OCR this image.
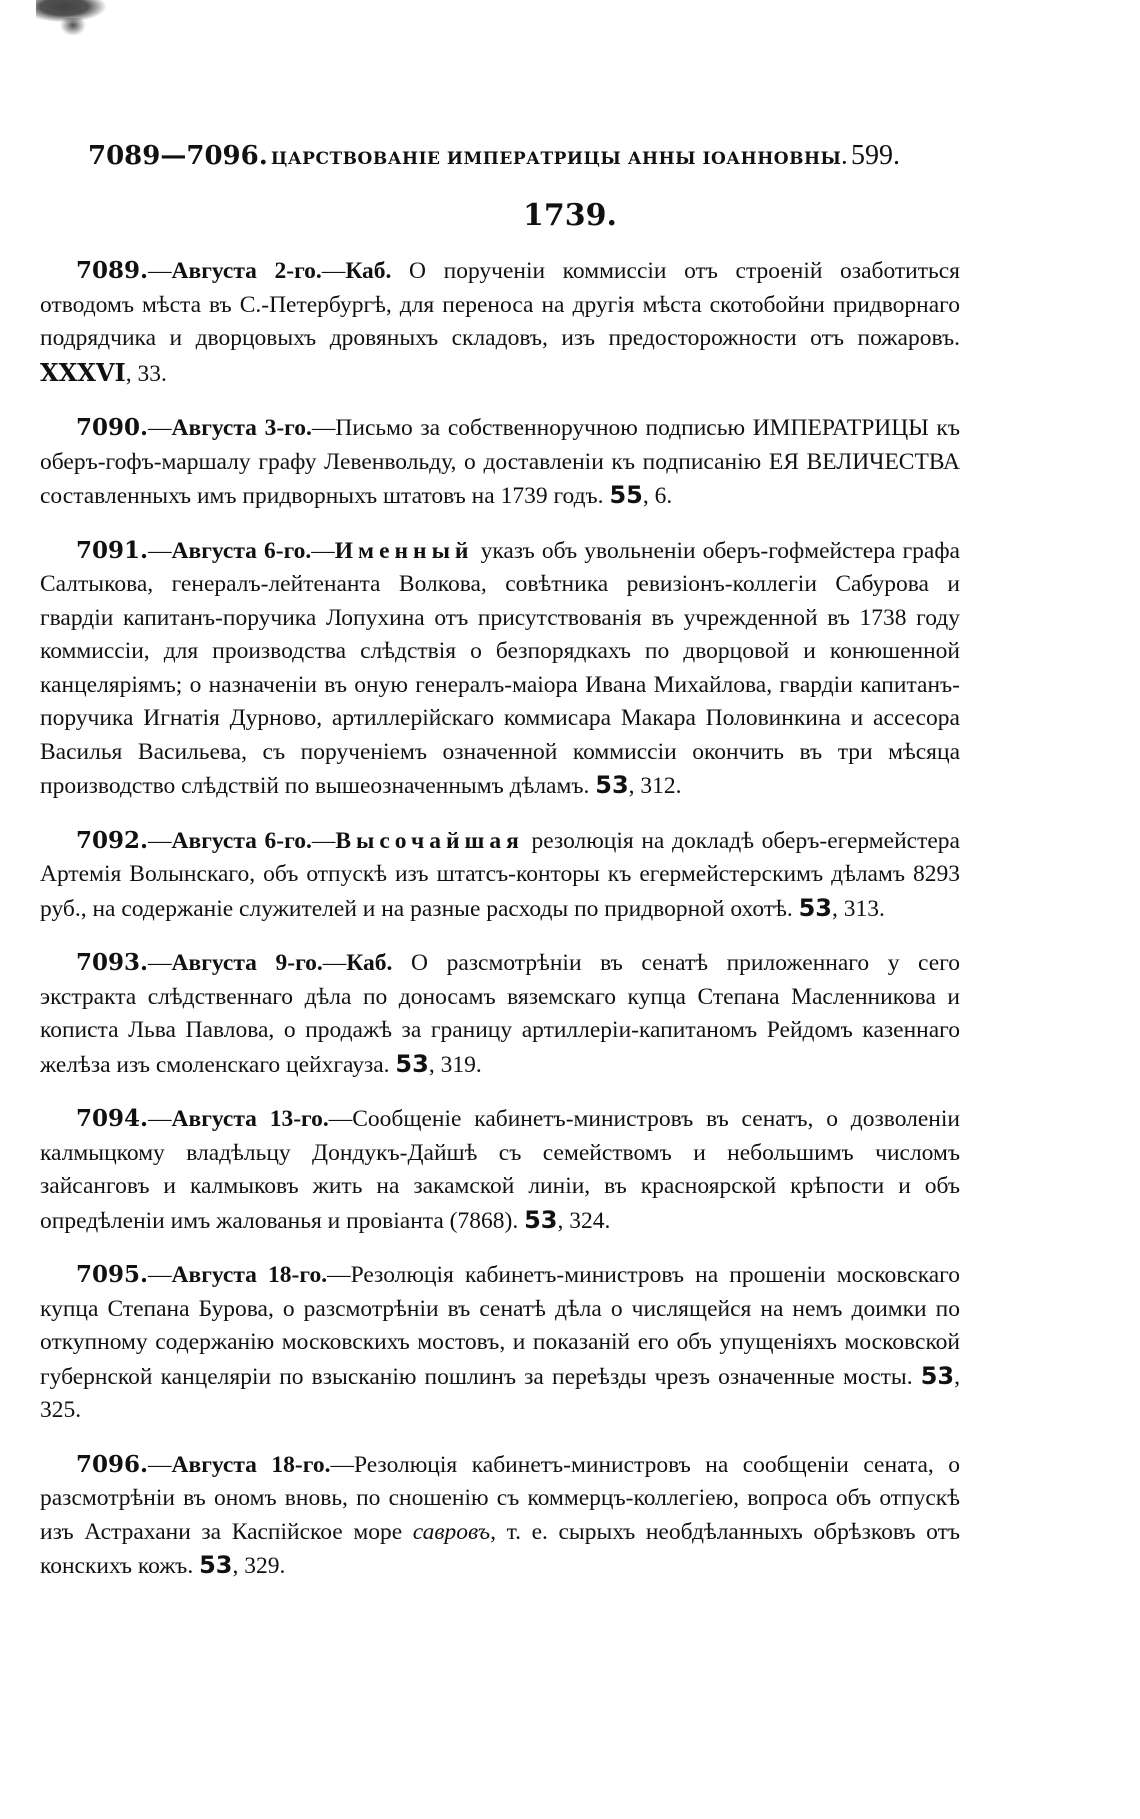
7089—7096. ЦАРСТВОВАНІЕ ИМПЕРАТРИЦЫ АННЫ ІОАННОВНЫ. 599.
1739.

7089.—Августа 2-го.—Каб. О порученіи коммиссіи отъ строеній озаботиться отводомъ мѣста въ С.-Петербургѣ, для переноса на другія мѣста скотобойни придворнаго подрядчика и дворцовыхъ дровяныхъ складовъ, изъ предосторожности отъ пожаровъ. XXXVI, 33.

7090.—Августа 3-го.—Письмо за собственноручною подписью ИМПЕРАТРИЦЫ къ оберъ-гофъ-маршалу графу Левенвольду, о доставленіи къ подписанію ЕЯ ВЕЛИЧЕСТВА составленныхъ имъ придворныхъ штатовъ на 1739 годъ. 55, 6.

7091.—Августа 6-го.—Именный указъ объ увольненіи оберъ-гофмейстера графа Салтыкова, генералъ-лейтенанта Волкова, совѣтника ревизіонъ-коллегіи Сабурова и гвардіи капитанъ-поручика Лопухина отъ присутствованія въ учрежденной въ 1738 году коммиссіи, для производства слѣдствія о безпорядкахъ по дворцовой и конюшенной канцеляріямъ; о назначеніи въ оную генералъ-маіора Ивана Михайлова, гвардіи капитанъ-поручика Игнатія Дурново, артиллерійскаго коммисара Макара Половинкина и ассесора Василья Васильева, съ порученіемъ означенной коммиссіи окончить въ три мѣсяца производство слѣдствій по вышеозначеннымъ дѣламъ. 53, 312.

7092.—Августа 6-го.—Высочайшая резолюція на докладѣ оберъ-егермейстера Артемія Волынскаго, объ отпускѣ изъ штатсъ-конторы къ егермейстерскимъ дѣламъ 8293 руб., на содержаніе служителей и на разные расходы по придворной охотѣ. 53, 313.

7093.—Августа 9-го.—Каб. О разсмотрѣніи въ сенатѣ приложеннаго у сего экстракта слѣдственнаго дѣла по доносамъ вяземскаго купца Степана Масленникова и кописта Льва Павлова, о продажѣ за границу артиллеріи-капитаномъ Рейдомъ казеннаго желѣза изъ смоленскаго цейхгауза. 53, 319.

7094.—Августа 13-го.—Сообщеніе кабинетъ-министровъ въ сенатъ, о дозволеніи калмыцкому владѣльцу Дондукъ-Дайшѣ съ семействомъ и небольшимъ числомъ зайсанговъ и калмыковъ жить на закамской линіи, въ красноярской крѣпости и объ опредѣленіи имъ жалованья и провіанта (7868). 53, 324.

7095.—Августа 18-го.—Резолюція кабинетъ-министровъ на прошеніи московскаго купца Степана Бурова, о разсмотрѣніи въ сенатѣ дѣла о числящейся на немъ доимки по откупному содержанію московскихъ мостовъ, и показаній его объ упущеніяхъ московской губернской канцеляріи по взысканію пошлинъ за переѣзды чрезъ означенные мосты. 53, 325.

7096.—Августа 18-го.—Резолюція кабинетъ-министровъ на сообщеніи сената, о разсмотрѣніи въ ономъ вновь, по сношенію съ коммерцъ-коллегіею, вопроса объ отпускѣ изъ Астрахани за Каспійское море савровъ, т. е. сырыхъ необдѣланныхъ обрѣзковъ отъ конскихъ кожъ. 53, 329.
